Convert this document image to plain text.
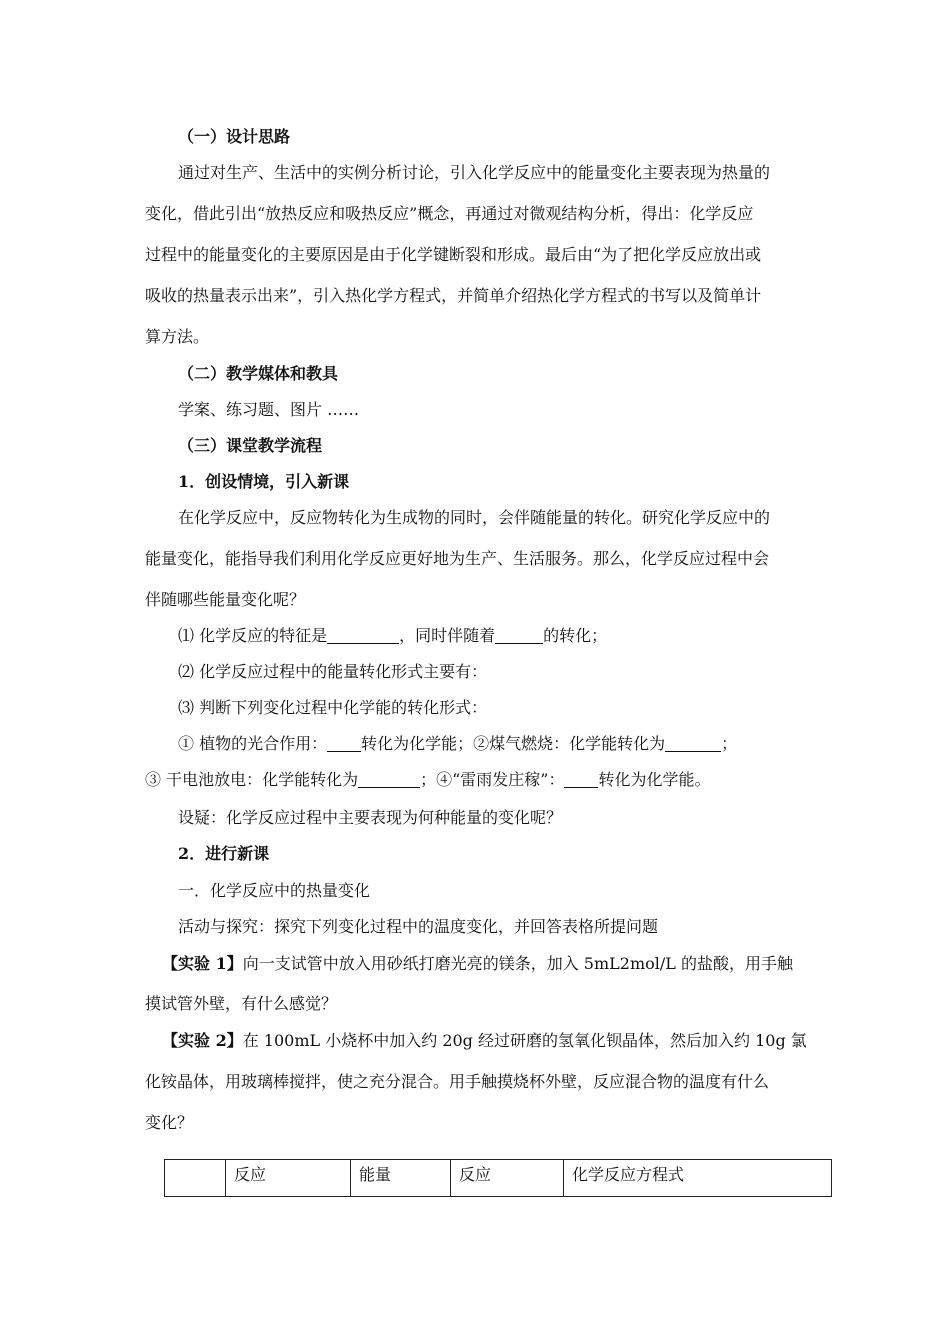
（一）设计思路
通过对生产、生活中的实例分析讨论，引入化学反应中的能量变化主要表现为热量的
变化，借此引出“放热反应和吸热反应”概念，再通过对微观结构分析，得出：化学反应
过程中的能量变化的主要原因是由于化学键断裂和形成。最后由“为了把化学反应放出或
吸收的热量表示出来”，引入热化学方程式，并简单介绍热化学方程式的书写以及简单计
算方法。
（二）教学媒体和教具
学案、练习题、图片 ……
（三）课堂教学流程
1．创设情境，引入新课
在化学反应中，反应物转化为生成物的同时，会伴随能量的转化。研究化学反应中的
能量变化，能指导我们利用化学反应更好地为生产、生活服务。那么，化学反应过程中会
伴随哪些能量变化呢？
⑴ 化学反应的特征是	，同时伴随着	的转化；
⑵ 化学反应过程中的能量转化形式主要有：
⑶ 判断下列变化过程中化学能的转化形式：
① 植物的光合作用： 转化为化学能；②煤气燃烧：化学能转化为	；
③ 干电池放电：化学能转化为	；④“雷雨发庄稼”： 转化为化学能。
设疑：化学反应过程中主要表现为何种能量的变化呢？
2．进行新课
一．化学反应中的热量变化
活动与探究：探究下列变化过程中的温度变化，并回答表格所提问题
【实验 1】向一支试管中放入用砂纸打磨光亮的镁条，加入 5mL2mol/L 的盐酸，用手触
摸试管外壁，有什么感觉？
【实验 2】在 100mL 小烧杯中加入约 20g 经过研磨的氢氧化钡晶体，然后加入约 10g 氯
化铵晶体，用玻璃棒搅拌，使之充分混合。用手触摸烧杯外壁，反应混合物的温度有什么
变化？
	反应	能量	反应	化学反应方程式
